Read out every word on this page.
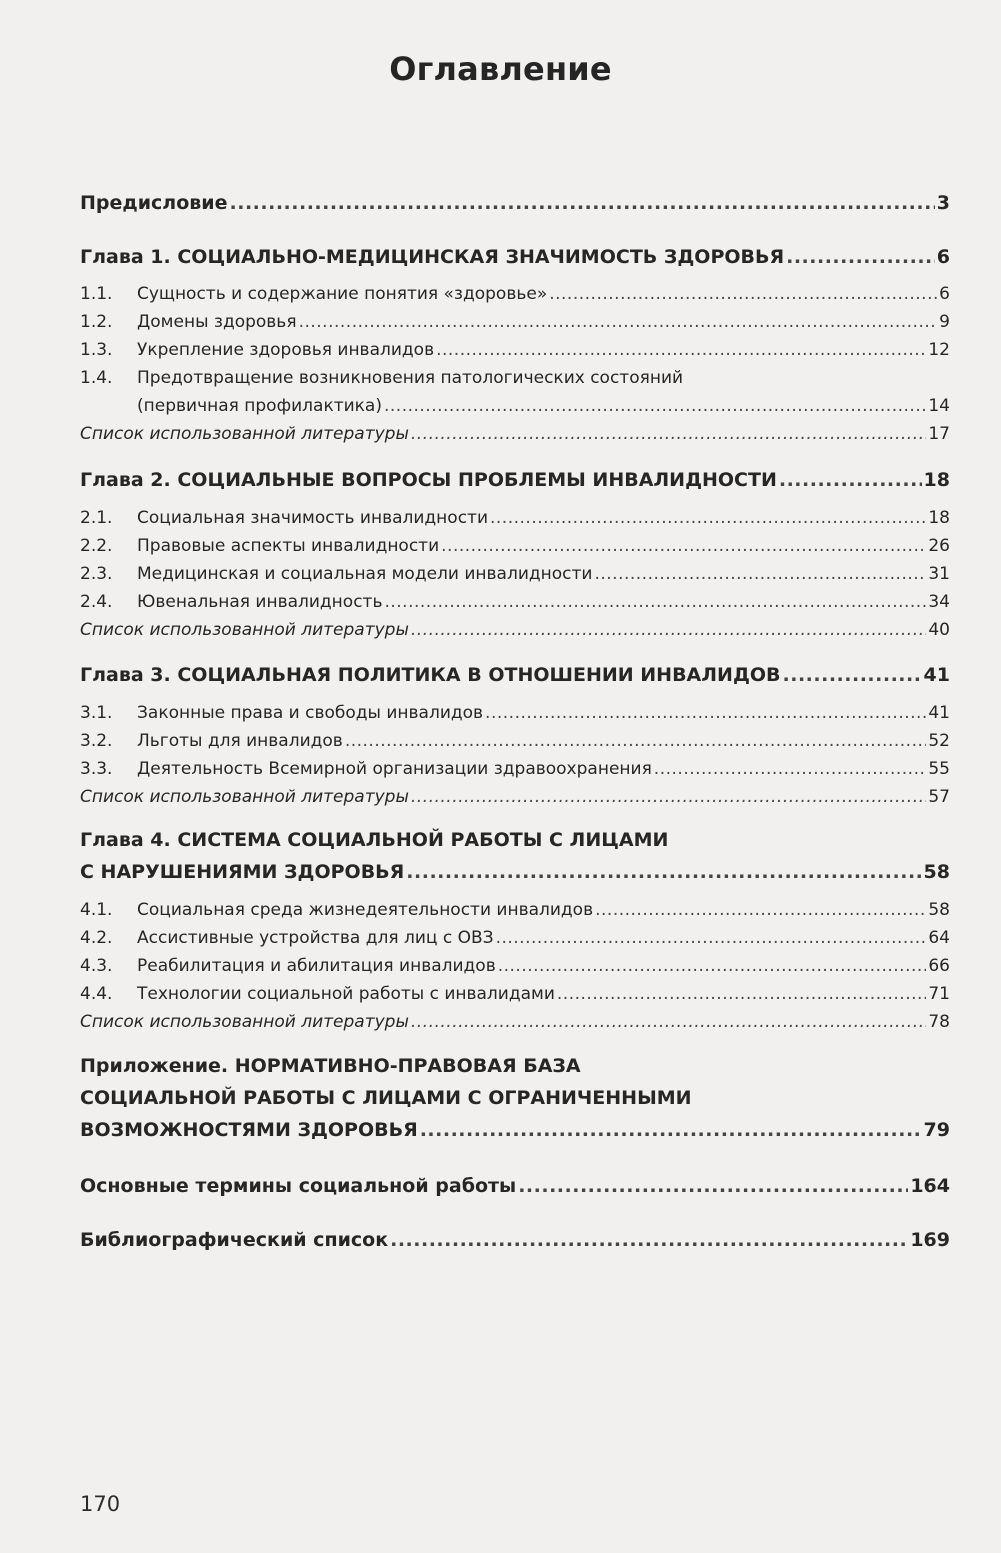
Оглавление
Предисловие .....	3
Глава 1. СОЦИАЛЬНО-МЕДИЦИНСКАЯ ЗНАЧИМОСТЬ ЗДОРОВЬЯ .....	6
1.1.	Сущность и содержание понятия «здоровье» .....	6
1.2.	Домены здоровья .....	9
1.3.	Укрепление здоровья инвалидов .....	12
1.4. Предотвращение возникновения патологических состояний
(первичная профилактика) .....	14
Список использованной литературы .....	17
Глава 2. СОЦИАЛЬНЫЕ ВОПРОСЫ ПРОБЛЕМЫ ИНВАЛИДНОСТИ .....	18
2.1.	Социальная значимость инвалидности .....	18
2.2.	Правовые аспекты инвалидности .....	26
2.3.	Медицинская и социальная модели инвалидности .....	31
2.4.	Ювенальная инвалидность .....	34
Список использованной литературы .....	40
Глава 3. СОЦИАЛЬНАЯ ПОЛИТИКА В ОТНОШЕНИИ ИНВАЛИДОВ .....	41
3.1.	Законные права и свободы инвалидов .....	41
3.2.	Льготы для инвалидов .....	52
3.3.	Деятельность Всемирной организации здравоохранения .....	55
Список использованной литературы .....	57
Глава 4. СИСТЕМА СОЦИАЛЬНОЙ РАБОТЫ С ЛИЦАМИ
С НАРУШЕНИЯМИ ЗДОРОВЬЯ .....	58
4.1.	Социальная среда жизнедеятельности инвалидов .....	58
4.2.	Ассистивные устройства для лиц с ОВЗ .....	64
4.3.	Реабилитация и абилитация инвалидов .....	66
4.4.	Технологии социальной работы с инвалидами .....	71
Список использованной литературы .....	78
Приложение. НОРМАТИВНО-ПРАВОВАЯ БАЗА
СОЦИАЛЬНОЙ РАБОТЫ С ЛИЦАМИ С ОГРАНИЧЕННЫМИ
ВОЗМОЖНОСТЯМИ ЗДОРОВЬЯ .....	79
Основные термины социальной работы .....	164
Библиографический список .....	169
170
